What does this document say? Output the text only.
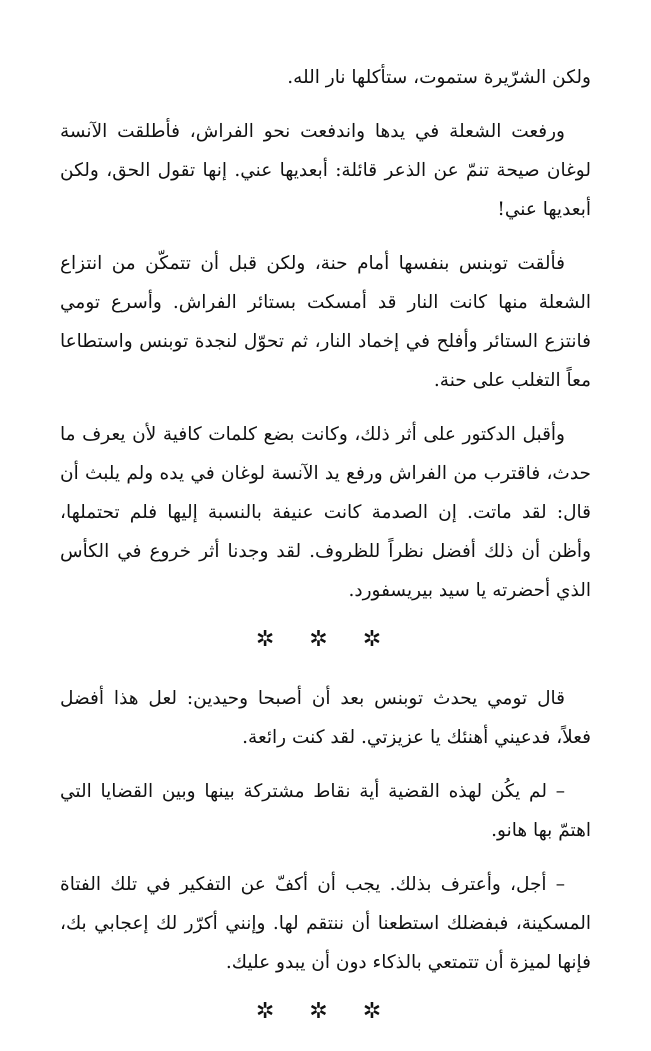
ولكن الشرّيرة ستموت، ستأكلها نار الله.

ورفعت الشعلة في يدها واندفعت نحو الفراش، فأطلقت الآنسة لوغان صيحة تنمّ عن الذعر قائلة: أبعديها عني. إنها تقول الحق، ولكن أبعديها عني!

فألقت توبنس بنفسها أمام حنة، ولكن قبل أن تتمكّن من انتزاع الشعلة منها كانت النار قد أمسكت بستائر الفراش. وأسرع تومي فانتزع الستائر وأفلح في إخماد النار، ثم تحوّل لنجدة توبنس واستطاعا معاً التغلب على حنة.

وأقبل الدكتور على أثر ذلك، وكانت بضع كلمات كافية لأن يعرف ما حدث، فاقترب من الفراش ورفع يد الآنسة لوغان في يده ولم يلبث أن قال: لقد ماتت. إن الصدمة كانت عنيفة بالنسبة إليها فلم تحتملها، وأظن أن ذلك أفضل نظراً للظروف. لقد وجدنا أثر خروع في الكأس الذي أحضرته يا سيد بيريسفورد.

✲ ✲ ✲

قال تومي يحدث توبنس بعد أن أصبحا وحيدين: لعل هذا أفضل فعلاً، فدعيني أهنئك يا عزيزتي. لقد كنت رائعة.

– لم يكُن لهذه القضية أية نقاط مشتركة بينها وبين القضايا التي اهتمّ بها هانو.

– أجل، وأعترف بذلك. يجب أن أكفّ عن التفكير في تلك الفتاة المسكينة، فبفضلك استطعنا أن ننتقم لها. وإنني أكرّر لك إعجابي بك، فإنها لميزة أن تتمتعي بالذكاء دون أن يبدو عليك.

✲ ✲ ✲
